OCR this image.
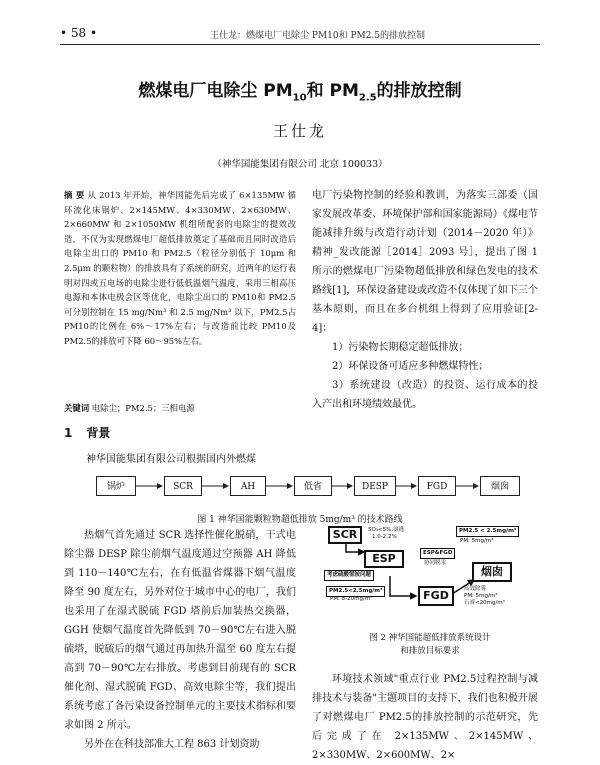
• 58 •	王仕龙：燃煤电厂电除尘 PM10和 PM2.5的排放控制
燃煤电厂电除尘 $PM_{10}$和 $PM_{2.5}$的排放控制
王仕龙
（神华国能集团有限公司 北京 100033）
摘 要 从 2013 年开始，神华国能先后完成了 6×135MW 循环流化床锅炉、2×145MW、4×330MW、2×630MW、2×660MW 和 2×1050MW 机组所配套的电除尘的提效改造，不仅为实现燃煤电厂超低排放奠定了基础而且同时改造后电除尘出口的 PM10 和 PM2.5（粒径分别低于 10μm 和 2.5μm 的颗粒物）的排放具有了系统的研究，近两年的运行表明对四或五电场的电除尘进行低低温烟气温度，采用三相高压电源和本体电极会区等优化，电除尘出口的 PM10和 PM2.5可分别控制在 15 mg/Nm³ 和 2.5 mg/Nm³ 以下，PM2.5占 PM10的比例在 6%～17%左右；与改造前比较 PM10及 PM2.5的排放可下降 60～95%左右。
关键词 电除尘；PM2.5；三相电源

电厂污染物控制的经验和教训，为落实三部委（国家发展改革委、环境保护部和国家能源局）《煤电节能减排升级与改造行动计划（2014－2020 年）》精神_发改能源［2014］2093 号］，提出了图 1 所示的燃煤电厂污染物超低排放和绿色发电的技术路线[1]，环保设备建设或改造不仅体现了如下三个基本原则，而且在多台机组上得到了应用验证[2-4]：

1）污染物长期稳定超低排放；

2）环保设备可适应多种燃煤特性；

3）系统建设（改造）的投资、运行成本的投入产出和环境绩效最优。

1 背景
神华国能集团有限公司根据国内外燃煤
锅炉	SCR	AH	低省	DESP	FGD	烟囱
图 1 神华国能颗粒物超低排放 5mg/m³ 的技术路线

热烟气首先通过 SCR 选择性催化脱硝，干式电除尘器 DESP 除尘前烟气温度通过空预器 AH 降低到 110－140℃左右，在有低温省煤器下烟气温度降至 90 度左右，另外对位于城市中心的电厂，我们也采用了在湿式脱硫 FGD 塔前后加装热交换器，GGH 使烟气温度首先降低到 70－90℃左右进入脱硫塔，脱硫后的烟气通过再加热升温至 60 度左右提高到 70－90℃左右排放。考虑到目前现有的 SCR 催化剂、湿式脱硫 FGD、高效电除尘等，我们提出系统考虑了各污染设备控制单元的主要技术指标和要求如图 2 所示。

另外在在科技部准大工程 863 计划资助

SCR
ESP
FGD
烟囱
SO₃<5%,氨逃
1.0-2.2%
ESP&FGD
协同脱汞
考虑硫酸氢铵问题
PM2.5<2.5mg/m³
PM: 8-20mg/m³
高效除雾
PM: 5mg/m³
石膏<20mg/m³
PM2.5 < 2.5mg/m³
PM: 5mg/m³
图 2 神华国能超低排放系统设计
和排放目标要求

环境技术领域"重点行业 PM2.5过程控制与减排技术与装备"主题项目的支持下，我们也积极开展了对燃煤电厂 PM2.5的排放控制的示范研究，先后完成了在 2×135MW、2×145MW、2×330MW、2×600MW、2×
